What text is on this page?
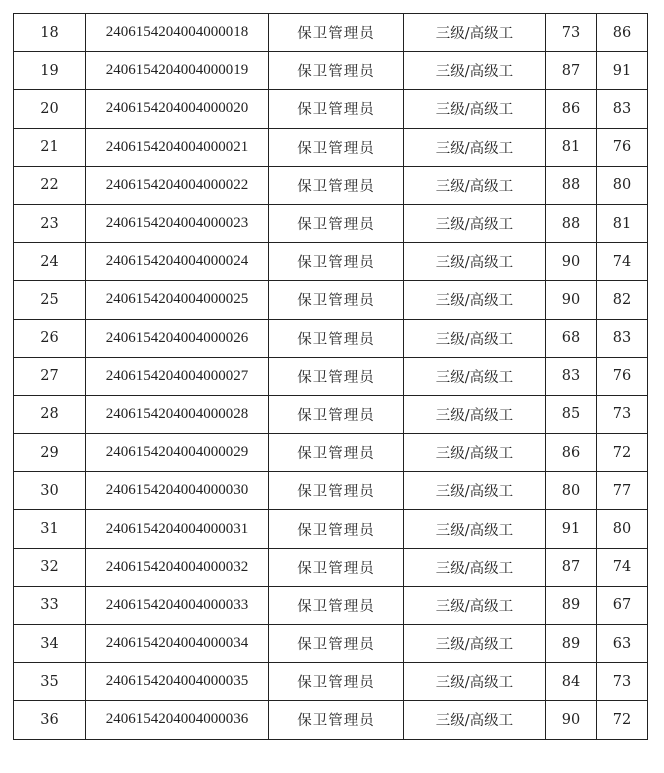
18	2406154204004000018	保卫管理员	三级/高级工	73	86
19	2406154204004000019	保卫管理员	三级/高级工	87	91
20	2406154204004000020	保卫管理员	三级/高级工	86	83
21	2406154204004000021	保卫管理员	三级/高级工	81	76
22	2406154204004000022	保卫管理员	三级/高级工	88	80
23	2406154204004000023	保卫管理员	三级/高级工	88	81
24	2406154204004000024	保卫管理员	三级/高级工	90	74
25	2406154204004000025	保卫管理员	三级/高级工	90	82
26	2406154204004000026	保卫管理员	三级/高级工	68	83
27	2406154204004000027	保卫管理员	三级/高级工	83	76
28	2406154204004000028	保卫管理员	三级/高级工	85	73
29	2406154204004000029	保卫管理员	三级/高级工	86	72
30	2406154204004000030	保卫管理员	三级/高级工	80	77
31	2406154204004000031	保卫管理员	三级/高级工	91	80
32	2406154204004000032	保卫管理员	三级/高级工	87	74
33	2406154204004000033	保卫管理员	三级/高级工	89	67
34	2406154204004000034	保卫管理员	三级/高级工	89	63
35	2406154204004000035	保卫管理员	三级/高级工	84	73
36	2406154204004000036	保卫管理员	三级/高级工	90	72
